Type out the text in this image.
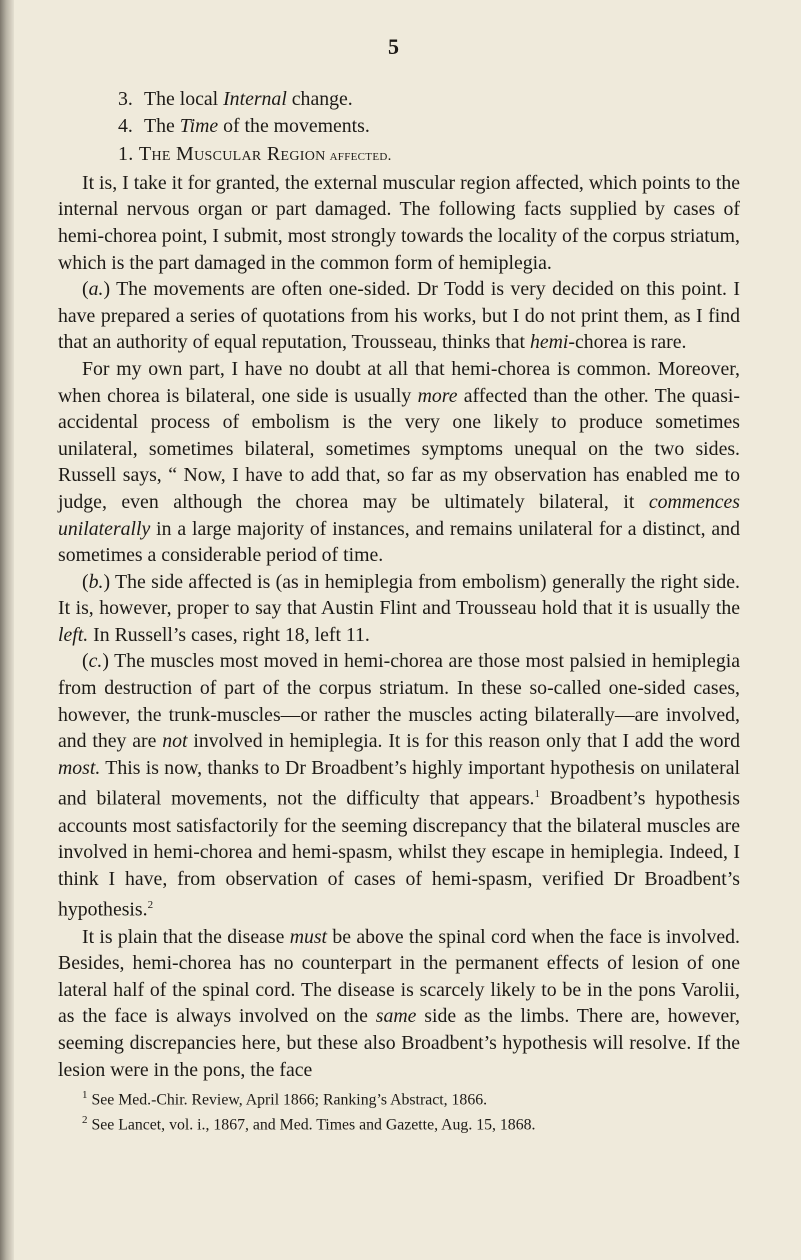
5
3. The local Internal change.
4. The Time of the movements.
1. The Muscular Region affected.

It is, I take it for granted, the external muscular region affected, which points to the internal nervous organ or part damaged. The following facts supplied by cases of hemi-chorea point, I submit, most strongly towards the locality of the corpus striatum, which is the part damaged in the common form of hemiplegia.

(a.) The movements are often one-sided. Dr Todd is very decided on this point. I have prepared a series of quotations from his works, but I do not print them, as I find that an authority of equal reputation, Trousseau, thinks that hemi-chorea is rare.

For my own part, I have no doubt at all that hemi-chorea is common. Moreover, when chorea is bilateral, one side is usually more affected than the other. The quasi-accidental process of embolism is the very one likely to produce sometimes unilateral, sometimes bilateral, sometimes symptoms unequal on the two sides. Russell says, “ Now, I have to add that, so far as my observation has enabled me to judge, even although the chorea may be ultimately bilateral, it commences unilaterally in a large majority of instances, and remains unilateral for a distinct, and sometimes a considerable period of time.

(b.) The side affected is (as in hemiplegia from embolism) generally the right side. It is, however, proper to say that Austin Flint and Trousseau hold that it is usually the left. In Russell’s cases, right 18, left 11.

(c.) The muscles most moved in hemi-chorea are those most palsied in hemiplegia from destruction of part of the corpus striatum. In these so-called one-sided cases, however, the trunk-muscles—or rather the muscles acting bilaterally—are involved, and they are not involved in hemiplegia. It is for this reason only that I add the word most. This is now, thanks to Dr Broadbent’s highly important hypothesis on unilateral and bilateral movements, not the difficulty that appears.$^1$ Broadbent’s hypothesis accounts most satisfactorily for the seeming discrepancy that the bilateral muscles are involved in hemi-chorea and hemi-spasm, whilst they escape in hemiplegia. Indeed, I think I have, from observation of cases of hemi-spasm, verified Dr Broadbent’s hypothesis.$^2$

It is plain that the disease must be above the spinal cord when the face is involved. Besides, hemi-chorea has no counterpart in the permanent effects of lesion of one lateral half of the spinal cord. The disease is scarcely likely to be in the pons Varolii, as the face is always involved on the same side as the limbs. There are, however, seeming discrepancies here, but these also Broadbent’s hypothesis will resolve. If the lesion were in the pons, the face

$^1$ See Med.-Chir. Review, April 1866; Ranking’s Abstract, 1866.
$^2$ See Lancet, vol. i., 1867, and Med. Times and Gazette, Aug. 15, 1868.
